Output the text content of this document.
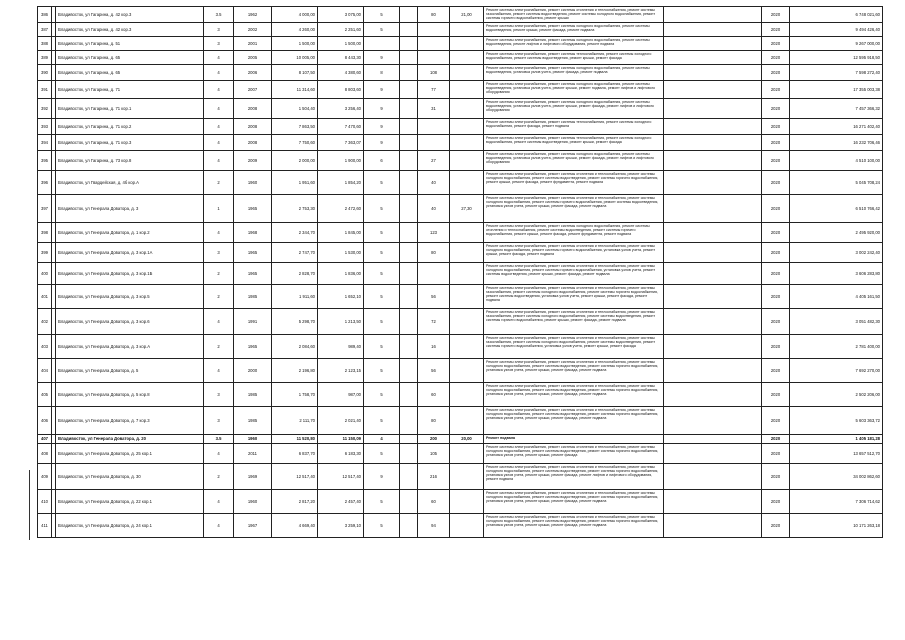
386		Владивосток, ул Гагарина, д. 42 кор.3	3.5	1962	4 000,00	3 075,00	5		80	21,00	Ремонт системы электроснабжения, ремонт системы отопления и теплоснабжения, ремонт системы газоснабжения, ремонт системы водоотведения, ремонт системы холодного водоснабжения, ремонт системы горячего водоснабжения, ремонт крыши		2020	6 748 021,60
387		Владивосток, ул Гагарина, д. 42 кор.3	3	2002	4 260,00	2 251,60	5				Ремонт системы электроснабжения, ремонт системы холодного водоснабжения, ремонт системы водоотведения, ремонт крыши, ремонт фасада, ремонт подвала		2020	9 494 426,40
388		Владивосток, ул Гагарина, д. 51	3	2001	1 500,00	1 500,00					Ремонт системы электроснабжения, ремонт системы холодного водоснабжения, ремонт системы водоотведения, ремонт лифтов и лифтового оборудования, ремонт подвала		2020	9 267 000,00
389		Владивосток, ул Гагарина, д. 65	4	2005	10 005,00	8 443,30	9				Ремонт системы электроснабжения, ремонт системы теплоснабжения, ремонт системы холодного водоснабжения, ремонт системы водоотведения, ремонт крыши, ремонт фасада		2020	12 595 918,50
390		Владивосток, ул Гагарина, д. 65	4	2006	8 107,50	4 380,60	8		108		Ремонт системы электроснабжения, ремонт системы холодного водоснабжения, ремонт системы водоотведения, установка узлов учета, ремонт фасада, ремонт подвала		2020	7 598 272,40
391		Владивосток, ул Гагарина, д. 71	4	2007	11 314,60	8 803,60	9		77		Ремонт системы электроснабжения, ремонт системы холодного водоснабжения, ремонт системы водоотведения, установка узлов учета, ремонт крыши, ремонт подвала, ремонт лифтов и лифтового оборудования		2020	17 355 003,38
392		Владивосток, ул Гагарина, д. 71 кор.1	4	2008	1 504,40	3 256,40	9		31		Ремонт системы электроснабжения, ремонт системы холодного водоснабжения, ремонт системы водоотведения, установка узлов учета, ремонт крыши, ремонт фасада, ремонт лифтов и лифтового оборудования		2020	7 457 366,32
393		Владивосток, ул Гагарина, д. 71 кор.2	4	2008	7 863,50	7 470,60	9				Ремонт системы электроснабжения, ремонт системы теплоснабжения, ремонт системы холодного водоснабжения, ремонт фасада, ремонт подвала		2020	16 271 402,40
394		Владивосток, ул Гагарина, д. 71 кор.3	4	2008	7 750,60	7 363,07	9				Ремонт системы электроснабжения, ремонт системы теплоснабжения, ремонт системы холодного водоснабжения, ремонт системы водоотведения, ремонт крыши, ремонт фасада		2020	16 232 706,46
395		Владивосток, ул Гагарина, д. 73 кор.8	4	2009	2 000,00	1 900,00	6		27		Ремонт системы электроснабжения, ремонт системы холодного водоснабжения, ремонт системы водоотведения, установка узлов учета, ремонт крыши, ремонт фасада, ремонт лифтов и лифтового оборудования		2020	4 510 100,00
396		Владивосток, ул Гвардейская, д. 4б кор.А	2	1960	1 951,60	1 854,20	5		40		Ремонт системы электроснабжения, ремонт системы отопления и теплоснабжения, ремонт системы холодного водоснабжения, ремонт системы водоотведения, ремонт системы горячего водоснабжения, ремонт крыши, ремонт фасада, ремонт фундамента, ремонт подвала		2020	5 045 708,24
397		Владивосток, ул Генерала Доватора, д. 3	1	1965	2 753,30	2 472,60	5		40	27,30	Ремонт системы электроснабжения, ремонт системы отопления и теплоснабжения, ремонт системы холодного водоснабжения, ремонт системы горячего водоснабжения, ремонт системы водоотведения, установка узлов учета, ремонт крыши, ремонт фасада, ремонт подвала		2020	6 510 766,42
398		Владивосток, ул Генерала Доватора, д. 1 кор.2	4	1968	2 344,70	1 845,00	5		123		Ремонт системы электроснабжения, ремонт системы холодного водоснабжения, ремонт системы отопления и теплоснабжения, ремонт системы водоотведения, ремонт системы горячего водоснабжения, ремонт крыши, ремонт фасада, ремонт фундамента, ремонт подвала		2020	2 495 920,00
399		Владивосток, ул Генерала Доватора, д. 3 кор.1А	3	1965	2 747,70	1 530,00	5		80		Ремонт системы электроснабжения, ремонт системы отопления и теплоснабжения, ремонт системы холодного водоснабжения, ремонт системы горячего водоснабжения, установка узлов учета, ремонт крыши, ремонт фасада, ремонт подвала		2020	3 002 242,40
400		Владивосток, ул Генерала Доватора, д. 3 кор.1Б	2	1965	2 828,70	1 836,00	5				Ремонт системы электроснабжения, ремонт системы отопления и теплоснабжения, ремонт системы холодного водоснабжения, ремонт системы горячего водоснабжения, установка узлов учета, ремонт системы водоотведения, ремонт крыши, ремонт фасада, ремонт подвала		2020	3 606 283,80
401		Владивосток, ул Генерала Доватора, д. 3 кор.5	2	1985	1 911,60	1 652,10	5		56		Ремонт системы электроснабжения, ремонт системы отопления и теплоснабжения, ремонт системы газоснабжения, ремонт системы холодного водоснабжения, ремонт системы горячего водоснабжения, ремонт системы водоотведения, установка узлов учета, ремонт крыши, ремонт фасада, ремонт подвала		2020	4 405 161,50
402		Владивосток, ул Генерала Доватора, д. 3 кор.6	4	1991	5 298,70	1 213,50	5		72		Ремонт системы электроснабжения, ремонт системы отопления и теплоснабжения, ремонт системы газоснабжения, ремонт системы холодного водоснабжения, ремонт системы водоотведения, ремонт системы горячего водоснабжения, ремонт крыши, ремонт фасада, ремонт подвала		2020	3 051 482,30
403		Владивосток, ул Генерала Доватора, д. 3 кор.А	2	1965	2 084,60	989,40	5		16		Ремонт системы электроснабжения, ремонт системы отопления и теплоснабжения, ремонт системы газоснабжения, ремонт системы холодного водоснабжения, ремонт системы водоотведения, ремонт системы горячего водоснабжения, установка узлов учета, ремонт крыши, ремонт фасада		2020	2 781 400,00
404		Владивосток, ул Генерала Доватора, д. 5	4	2000	2 196,80	2 123,15	5		56		Ремонт системы электроснабжения, ремонт системы отопления и теплоснабжения, ремонт системы холодного водоснабжения, ремонт системы водоотведения, ремонт системы горячего водоснабжения, установка узлов учета, ремонт крыши, ремонт фасада, ремонт подвала		2020	7 692 270,00
405		Владивосток, ул Генерала Доватора, д. 5 кор.8	3	1985	1 758,70	987,00	5		60		Ремонт системы электроснабжения, ремонт системы отопления и теплоснабжения, ремонт системы холодного водоснабжения, ремонт системы водоотведения, ремонт системы горячего водоснабжения, установка узлов учета, ремонт крыши, ремонт фасада, ремонт подвала		2020	2 502 206,00
406		Владивосток, ул Генерала Доватора, д. 7 кор.3	3	1985	2 111,70	2 021,40	5		80		Ремонт системы электроснабжения, ремонт системы отопления и теплоснабжения, ремонт системы холодного водоснабжения, ремонт системы водоотведения, ремонт системы горячего водоснабжения, установка узлов учета, ремонт крыши, ремонт фасада, ремонт подвала		2020	5 603 363,72
407		Владивосток, ул Генерала Доватора, д. 20	3.5	1960	11 520,80	11 150,09	4		200	20,00	Ремонт подвала		2020	1 405 181,28
408		Владивосток, ул Генерала Доватора, д. 25 кор.1	4	2011	6 837,70	6 183,30	5		105		Ремонт системы электроснабжения, ремонт системы отопления и теплоснабжения, ремонт системы холодного водоснабжения, ремонт системы водоотведения, ремонт системы горячего водоснабжения, установка узлов учета, ремонт крыши, ремонт фасада		2020	13 657 512,70
409		Владивосток, ул Генерала Доватора, д. 30	2	1969	12 517,40	12 517,40	9		216		Ремонт системы электроснабжения, ремонт системы отопления и теплоснабжения, ремонт системы холодного водоснабжения, ремонт системы водоотведения, ремонт системы горячего водоснабжения, установка узлов учета, ремонт крыши, ремонт фасада, ремонт лифтов и лифтового оборудования, ремонт подвала		2020	34 002 862,60
410		Владивосток, ул Генерала Доватора, д. 22 кор.1	4	1960	2 817,20	2 457,40	5		60		Ремонт системы электроснабжения, ремонт системы отопления и теплоснабжения, ремонт системы холодного водоснабжения, ремонт системы водоотведения, ремонт системы горячего водоснабжения, установка узлов учета, ремонт крыши, ремонт фасада, ремонт подвала		2020	7 306 714,62
411		Владивосток, ул Генерала Доватора, д. 24 кор.1	4	1967	4 669,40	3 259,10	5		94		Ремонт системы электроснабжения, ремонт системы отопления и теплоснабжения, ремонт системы холодного водоснабжения, ремонт системы водоотведения, ремонт системы горячего водоснабжения, установка узлов учета, ремонт крыши, ремонт фасада, ремонт подвала		2020	10 171 263,18
